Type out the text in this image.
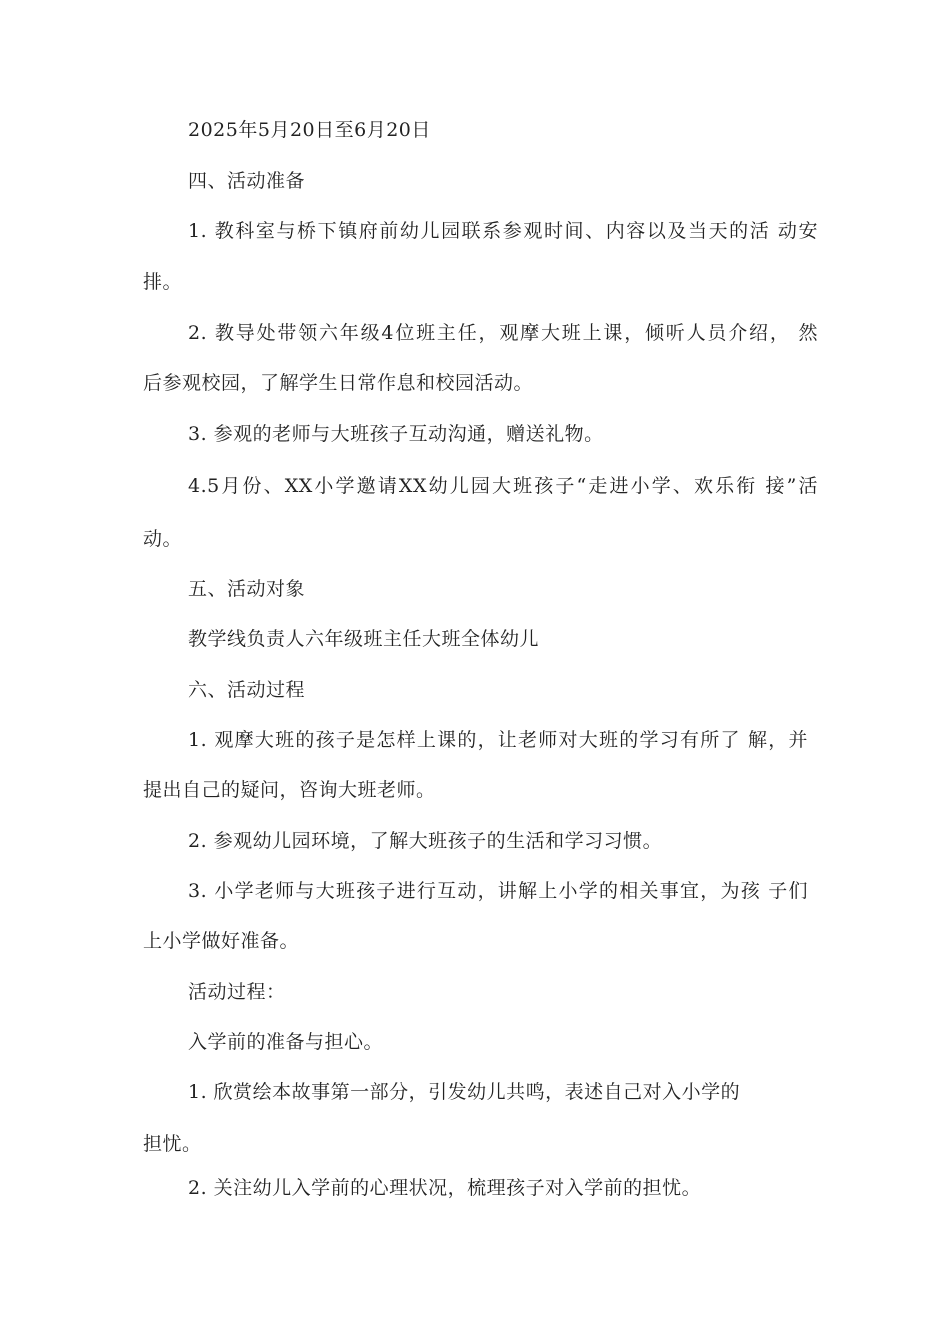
2025年5月20日至6月20日
四、活动准备
1. 教科室与桥下镇府前幼儿园联系参观时间、内容以及当天的活 动安
排。
2. 教导处带领六年级4位班主任，观摩大班上课，倾听人员介绍， 然
后参观校园，了解学生日常作息和校园活动。
3. 参观的老师与大班孩子互动沟通，赠送礼物。
4.5月份、XX小学邀请XX幼儿园大班孩子“走进小学、欢乐衔 接”活
动。
五、活动对象
教学线负责人六年级班主任大班全体幼儿
六、活动过程
1. 观摩大班的孩子是怎样上课的，让老师对大班的学习有所了 解，并
提出自己的疑问，咨询大班老师。
2. 参观幼儿园环境，了解大班孩子的生活和学习习惯。
3. 小学老师与大班孩子进行互动，讲解上小学的相关事宜，为孩 子们
上小学做好准备。
活动过程：
入学前的准备与担心。
1. 欣赏绘本故事第一部分，引发幼儿共鸣，表述自己对入小学的
担忧。
2. 关注幼儿入学前的心理状况，梳理孩子对入学前的担忧。
